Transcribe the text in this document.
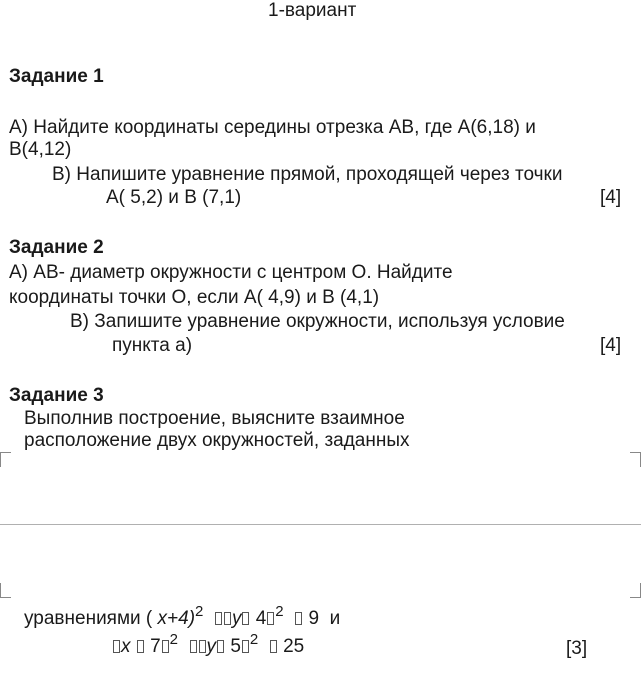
1-вариант
Задание 1
А) Найдите координаты середины отрезка АВ, где А(6,18) и
В(4,12)
В) Напишите уравнение прямой, проходящей через точки
А( 5,2) и В (7,1)	[4]
Задание 2
А) АВ- диаметр окружности с центром О. Найдите
координаты точки О, если А( 4,9) и В (4,1)
В) Запишите уравнение окружности, используя условие
пункта а)	[4]
Задание 3
Выполнив построение, выясните взаимное
расположение двух окружностей, заданных
уравнениями ( x+4)$^2$ y 4 $^2$ 9 и
x 7 $^2$ y 5 $^2$ 25	[3]
